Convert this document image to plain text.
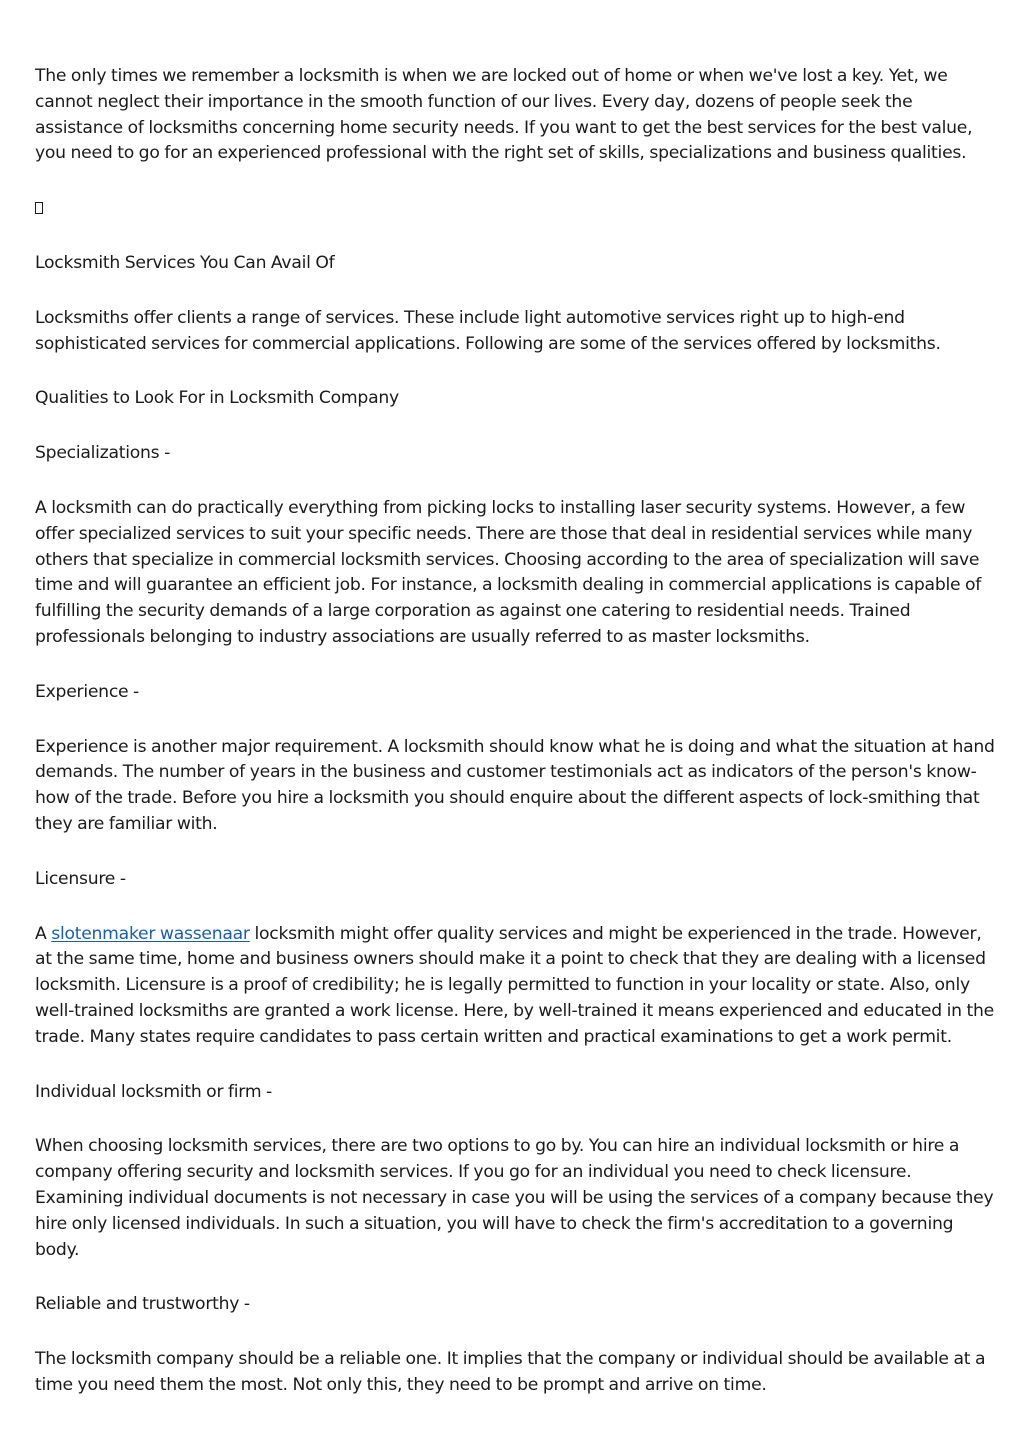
The only times we remember a locksmith is when we are locked out of home or when we've lost a key. Yet, we cannot neglect their importance in the smooth function of our lives. Every day, dozens of people seek the assistance of locksmiths concerning home security needs. If you want to get the best services for the best value, you need to go for an experienced professional with the right set of skills, specializations and business qualities.

Locksmith Services You Can Avail Of

Locksmiths offer clients a range of services. These include light automotive services right up to high-end sophisticated services for commercial applications. Following are some of the services offered by locksmiths.

Qualities to Look For in Locksmith Company

Specializations -

A locksmith can do practically everything from picking locks to installing laser security systems. However, a few offer specialized services to suit your specific needs. There are those that deal in residential services while many others that specialize in commercial locksmith services. Choosing according to the area of specialization will save time and will guarantee an efficient job. For instance, a locksmith dealing in commercial applications is capable of fulfilling the security demands of a large corporation as against one catering to residential needs. Trained professionals belonging to industry associations are usually referred to as master locksmiths.

Experience -

Experience is another major requirement. A locksmith should know what he is doing and what the situation at hand demands. The number of years in the business and customer testimonials act as indicators of the person's know-how of the trade. Before you hire a locksmith you should enquire about the different aspects of lock-smithing that they are familiar with.

Licensure -

A slotenmaker wassenaar locksmith might offer quality services and might be experienced in the trade. However, at the same time, home and business owners should make it a point to check that they are dealing with a licensed locksmith. Licensure is a proof of credibility; he is legally permitted to function in your locality or state. Also, only well-trained locksmiths are granted a work license. Here, by well-trained it means experienced and educated in the trade. Many states require candidates to pass certain written and practical examinations to get a work permit.

Individual locksmith or firm -

When choosing locksmith services, there are two options to go by. You can hire an individual locksmith or hire a company offering security and locksmith services. If you go for an individual you need to check licensure. Examining individual documents is not necessary in case you will be using the services of a company because they hire only licensed individuals. In such a situation, you will have to check the firm's accreditation to a governing body.

Reliable and trustworthy -

The locksmith company should be a reliable one. It implies that the company or individual should be available at a time you need them the most. Not only this, they need to be prompt and arrive on time.
